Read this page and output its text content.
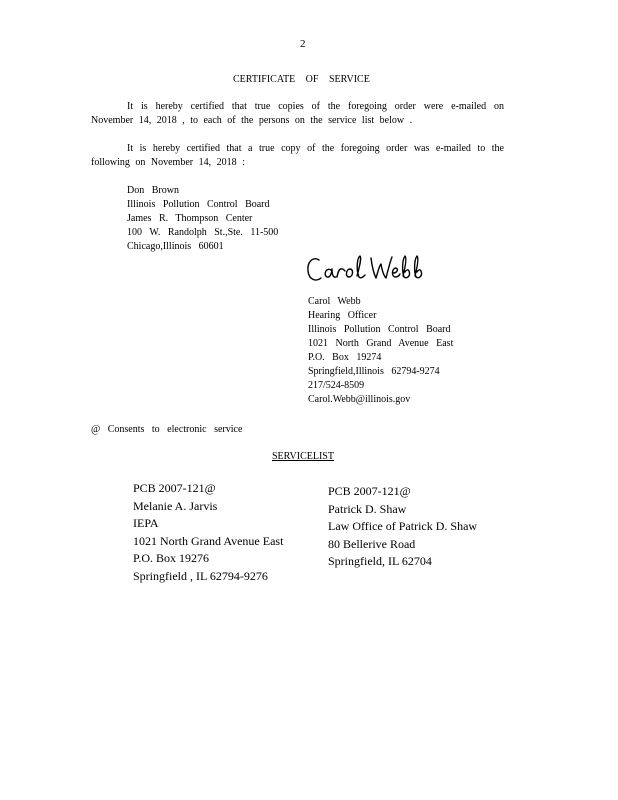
2
CERTIFICATE OF SERVICE
It is hereby certified that true copies of the foregoing order were e-mailed on November 14, 2018 , to each of the persons on the service list below .
It is hereby certified that a true copy of the foregoing order was e-mailed to the following on November 14, 2018 :
Don Brown
Illinois Pollution Control Board
James R. Thompson Center
100 W. Randolph St.,Ste. 11-500
Chicago,Illinois 60601
Carol Webb
Hearing Officer
Illinois Pollution Control Board
1021 North Grand Avenue East
P.O. Box 19274
Springfield,Illinois 62794-9274
217/524-8509
Carol.Webb@illinois.gov
@ Consents to electronic service
SERVICELIST
PCB 2007-121@
Melanie A. Jarvis
IEPA
1021 North Grand Avenue East
P.O. Box 19276
Springfield , IL 62794-9276
PCB 2007-121@
Patrick D. Shaw
Law Office of Patrick D. Shaw
80 Bellerive Road
Springfield, IL 62704
